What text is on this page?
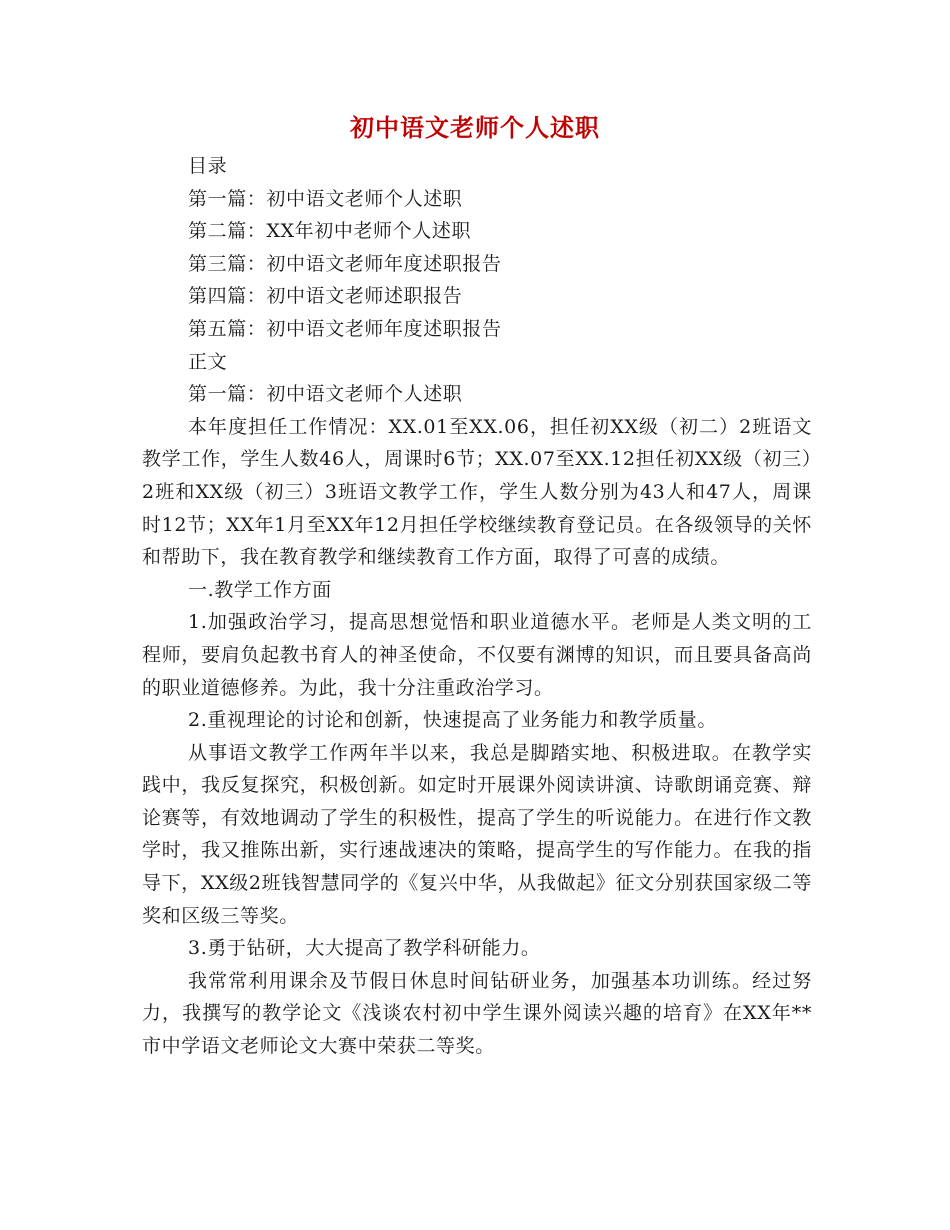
初中语文老师个人述职

目录

第一篇：初中语文老师个人述职

第二篇：XX年初中老师个人述职

第三篇：初中语文老师年度述职报告

第四篇：初中语文老师述职报告

第五篇：初中语文老师年度述职报告

正文

第一篇：初中语文老师个人述职

本年度担任工作情况：XX.01至XX.06，担任初XX级（初二）2班语文教学工作，学生人数46人，周课时6节；XX.07至XX.12担任初XX级（初三）2班和XX级（初三）3班语文教学工作，学生人数分别为43人和47人，周课时12节；XX年1月至XX年12月担任学校继续教育登记员。在各级领导的关怀和帮助下，我在教育教学和继续教育工作方面，取得了可喜的成绩。

一.教学工作方面

1.加强政治学习，提高思想觉悟和职业道德水平。老师是人类文明的工程师，要肩负起教书育人的神圣使命，不仅要有渊博的知识，而且要具备高尚的职业道德修养。为此，我十分注重政治学习。

2.重视理论的讨论和创新，快速提高了业务能力和教学质量。

从事语文教学工作两年半以来，我总是脚踏实地、积极进取。在教学实践中，我反复探究，积极创新。如定时开展课外阅读讲演、诗歌朗诵竞赛、辩论赛等，有效地调动了学生的积极性，提高了学生的听说能力。在进行作文教学时，我又推陈出新，实行速战速决的策略，提高学生的写作能力。在我的指导下，XX级2班钱智慧同学的《复兴中华，从我做起》征文分别获国家级二等奖和区级三等奖。

3.勇于钻研，大大提高了教学科研能力。

我常常利用课余及节假日休息时间钻研业务，加强基本功训练。经过努力，我撰写的教学论文《浅谈农村初中学生课外阅读兴趣的培育》在XX年**市中学语文老师论文大赛中荣获二等奖。
